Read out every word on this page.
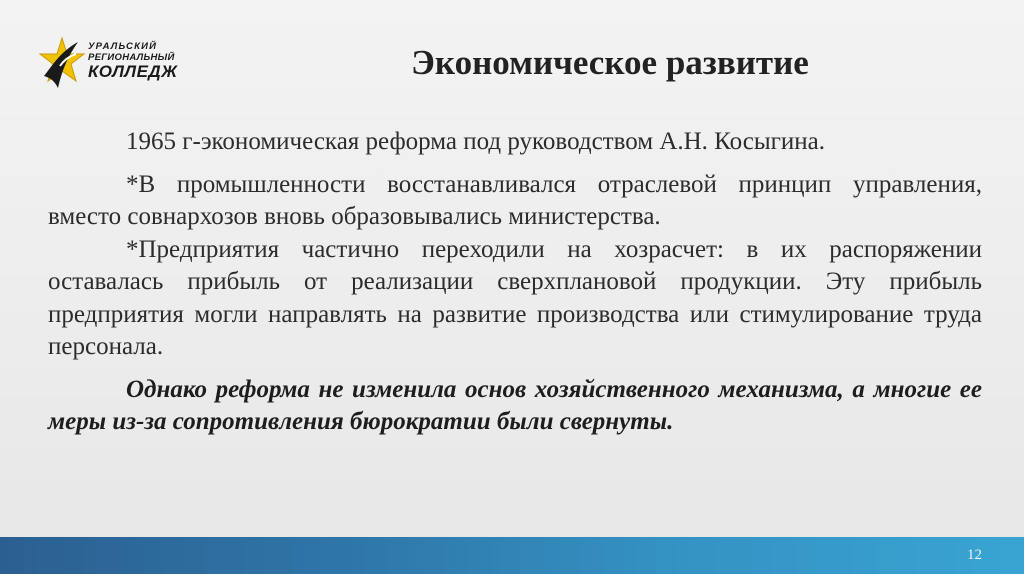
УРАЛЬСКИЙ
РЕГИОНАЛЬНЫЙ
КОЛЛЕДЖ	Экономическое развитие

1965 г-экономическая реформа под руководством А.Н. Косыгина.

*В промышленности восстанавливался отраслевой принцип управления, вместо совнархозов вновь образовывались министерства.

*Предприятия частично переходили на хозрасчет: в их распоряжении оставалась прибыль от реализации сверхплановой продукции. Эту прибыль предприятия могли направлять на развитие производства или стимулирование труда персонала.

Однако реформа не изменила основ хозяйственного механизма, а многие ее меры из-за сопротивления бюрократии были свернуты.

12
